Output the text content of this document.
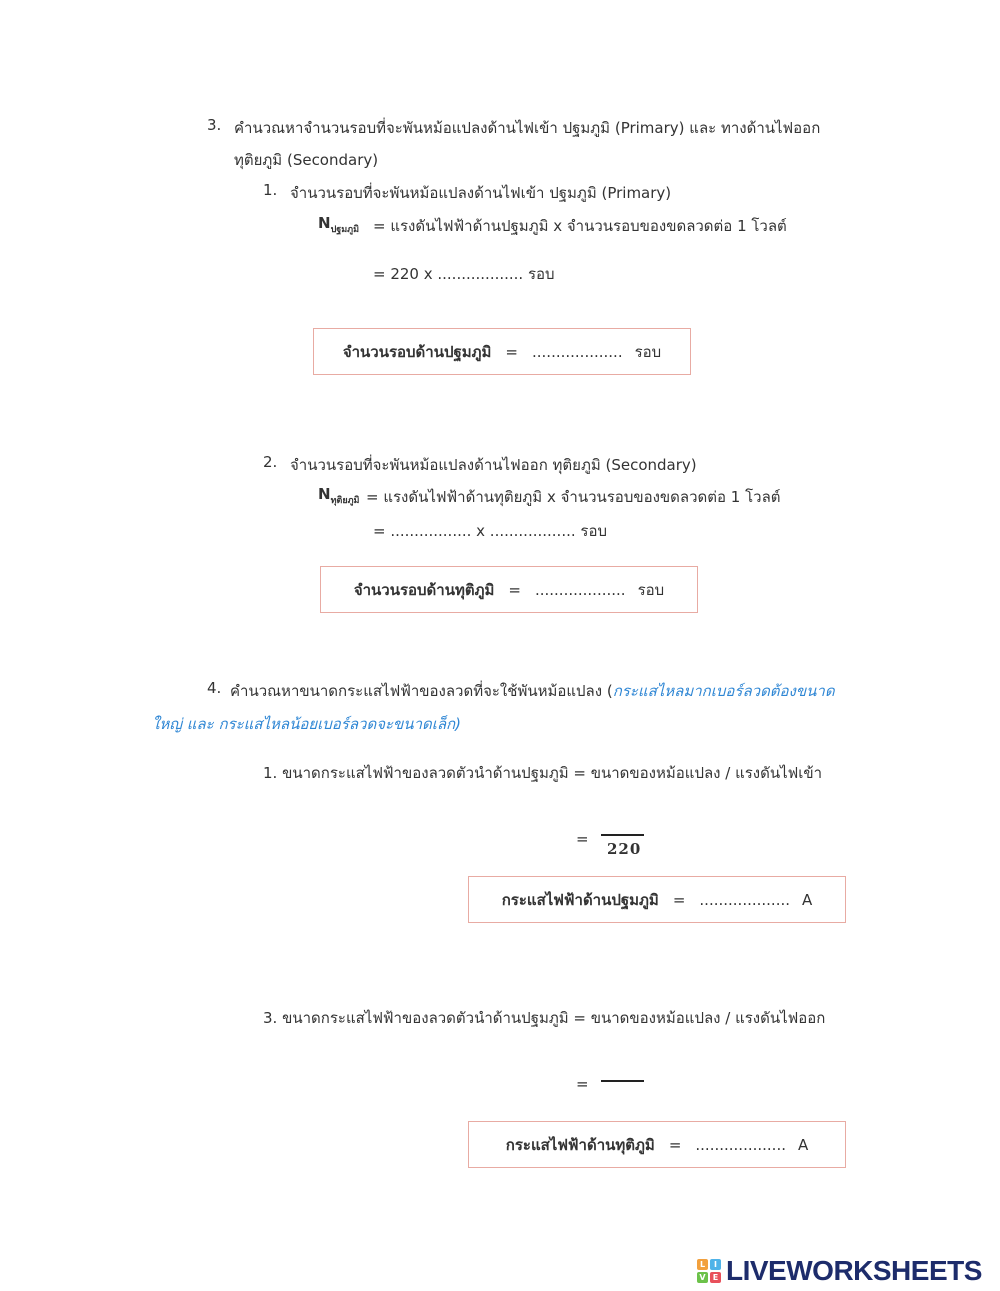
3. คำนวณหาจำนวนรอบที่จะพันหม้อแปลงด้านไฟเข้า ปฐมภูมิ (Primary) และ ทางด้านไฟออก
ทุติยภูมิ (Secondary)
1. จำนวนรอบที่จะพันหม้อแปลงด้านไฟเข้า ปฐมภูมิ (Primary)
$N_{ปฐมภูมิ}$ = แรงดันไฟฟ้าด้านปฐมภูมิ x จำนวนรอบของขดลวดต่อ 1 โวลต์
= 220 x .................. รอบ
จำนวนรอบด้านปฐมภูมิ = ................... รอบ
2. จำนวนรอบที่จะพันหม้อแปลงด้านไฟออก ทุติยภูมิ (Secondary)
$N_{ทุติยภูมิ}$ = แรงดันไฟฟ้าด้านทุติยภูมิ x จำนวนรอบของขดลวดต่อ 1 โวลต์
= ................. x .................. รอบ
จำนวนรอบด้านทุติภูมิ = ................... รอบ
4. คำนวณหาขนาดกระแสไฟฟ้าของลวดที่จะใช้พันหม้อแปลง (กระแสไหลมากเบอร์ลวดต้องขนาด
ใหญ่ และ กระแสไหลน้อยเบอร์ลวดจะขนาดเล็ก)
1. ขนาดกระแสไฟฟ้าของลวดตัวนำด้านปฐมภูมิ = ขนาดของหม้อแปลง / แรงดันไฟเข้า
=
220
กระแสไฟฟ้าด้านปฐมภูมิ = ................... A
3. ขนาดกระแสไฟฟ้าของลวดตัวนำด้านปฐมภูมิ = ขนาดของหม้อแปลง / แรงดันไฟออก
=
กระแสไฟฟ้าด้านทุติภูมิ = ................... A
L	I
V E LIVEWORKSHEETS
